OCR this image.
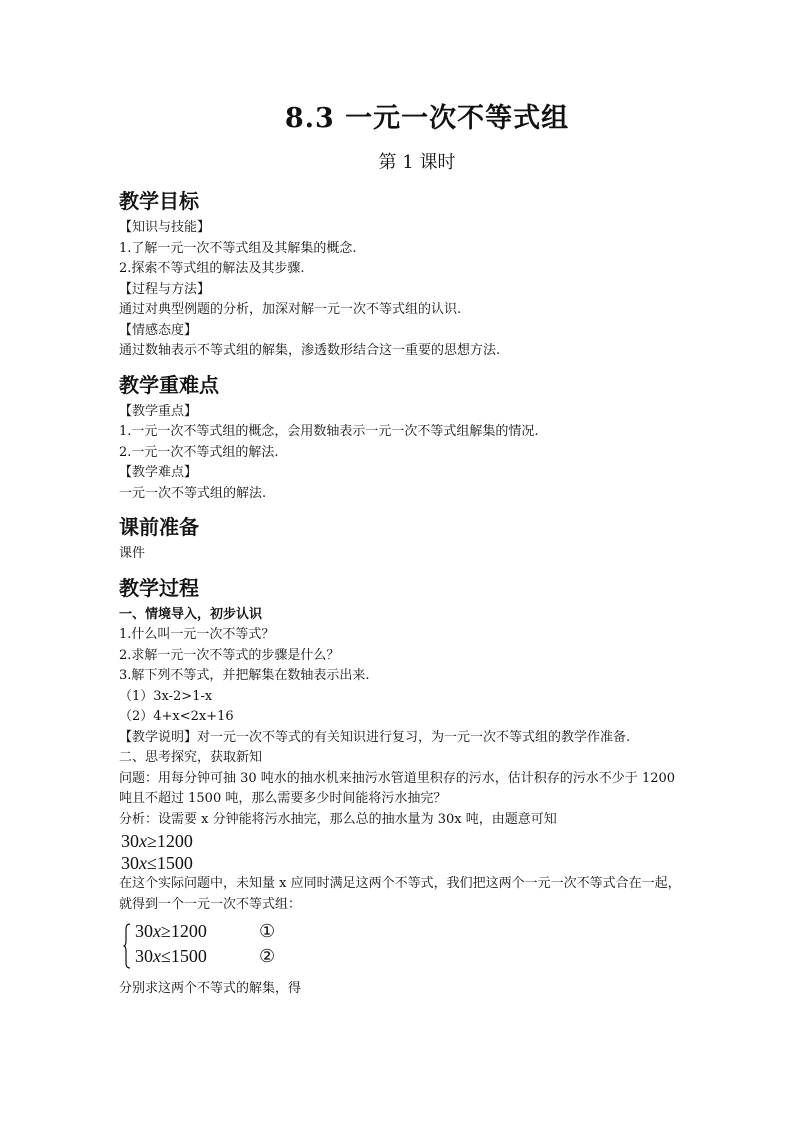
8.3 一元一次不等式组
第 1 课时
教学目标

【知识与技能】

1.了解一元一次不等式组及其解集的概念.

2.探索不等式组的解法及其步骤.

【过程与方法】

通过对典型例题的分析，加深对解一元一次不等式组的认识.

【情感态度】

通过数轴表示不等式组的解集，渗透数形结合这一重要的思想方法.

教学重难点

【教学重点】

1.一元一次不等式组的概念，会用数轴表示一元一次不等式组解集的情况.

2.一元一次不等式组的解法.

【教学难点】

一元一次不等式组的解法.

课前准备

课件

教学过程

一、情境导入，初步认识

1.什么叫一元一次不等式？

2.求解一元一次不等式的步骤是什么？

3.解下列不等式，并把解集在数轴表示出来.

（1）3x-2>1-x

（2）4+x<2x+16

【教学说明】对一元一次不等式的有关知识进行复习，为一元一次不等式组的教学作准备.

二、思考探究，获取新知

问题：用每分钟可抽 30 吨水的抽水机来抽污水管道里积存的污水，估计积存的污水不少于 1200 吨且不超过 1500 吨，那么需要多少时间能将污水抽完？

分析：设需要 x 分钟能将污水抽完，那么总的抽水量为 30x 吨，由题意可知

30x≥1200
30x≤1500

在这个实际问题中，未知量 x 应同时满足这两个不等式，我们把这两个一元一次不等式合在一起，就得到一个一元一次不等式组：

30x≥1200	①
30x≤1500	②

分别求这两个不等式的解集，得
